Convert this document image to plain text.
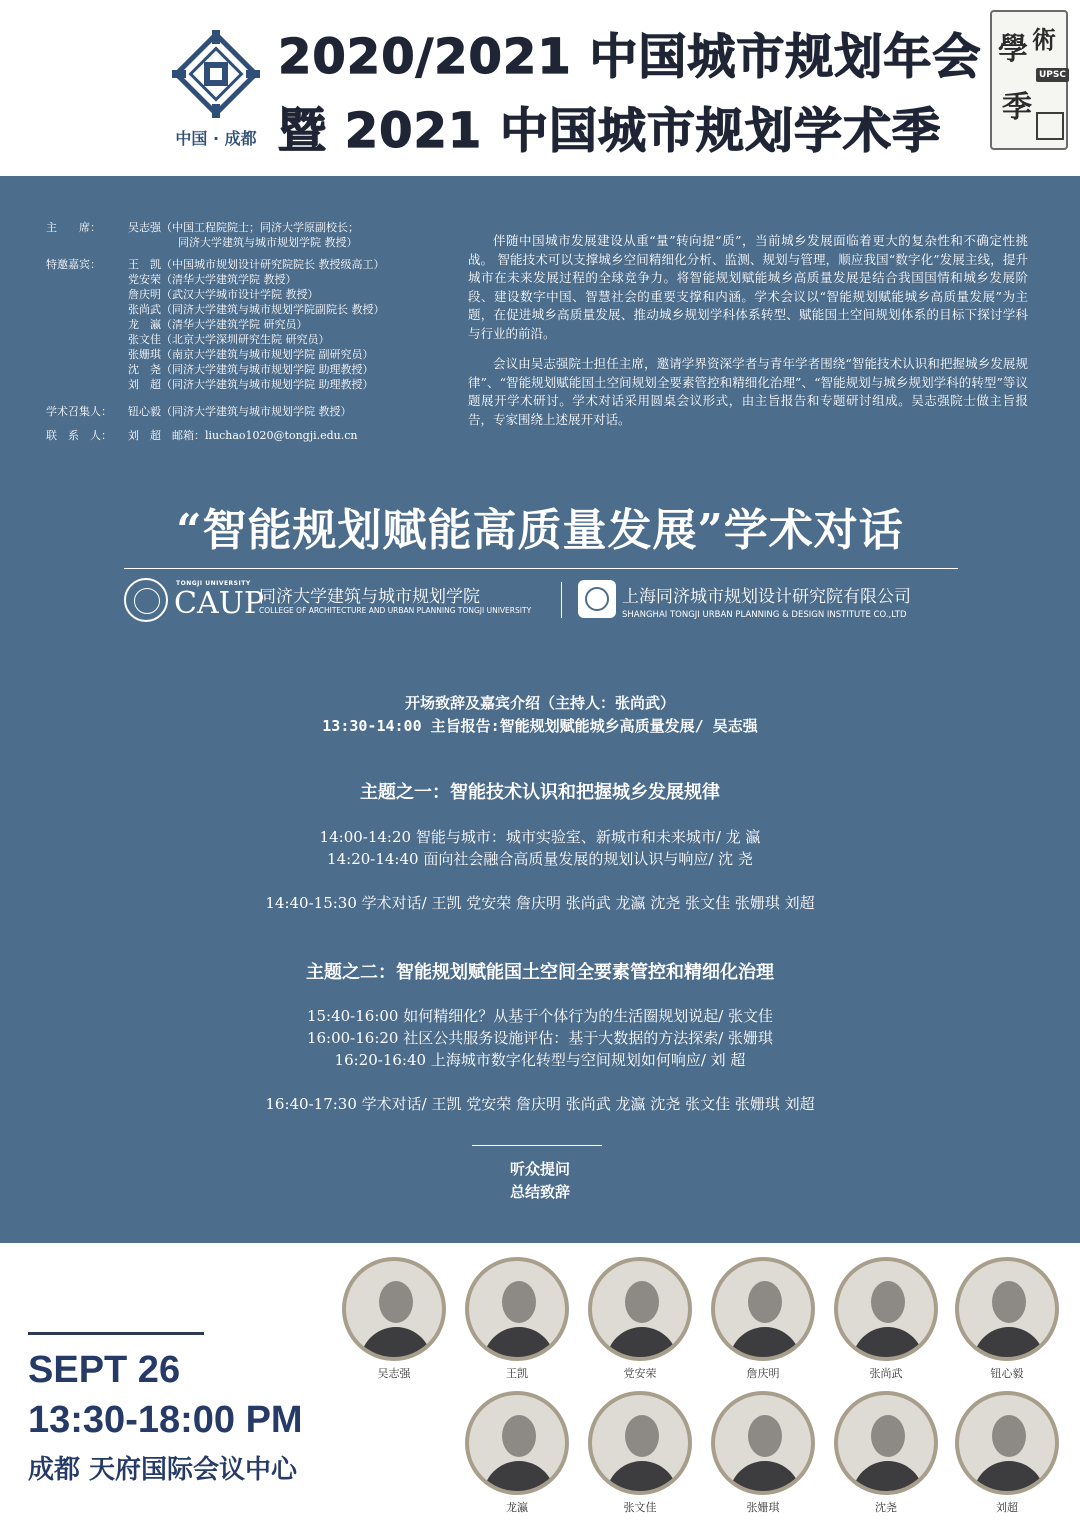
中国 · 成都
2020/2021 中国城市规划年会
暨 2021 中国城市规划学术季
學 術
季
UPSC
主　　席： 吴志强（中国工程院院士；同济大学原副校长；
同济大学建筑与城市规划学院 教授）
特邀嘉宾： 王　凯（中国城市规划设计研究院院长 教授级高工）
党安荣（清华大学建筑学院 教授）
詹庆明（武汉大学城市设计学院 教授）
张尚武（同济大学建筑与城市规划学院副院长 教授）
龙　瀛（清华大学建筑学院 研究员）
张文佳（北京大学深圳研究生院 研究员）
张姗琪（南京大学建筑与城市规划学院 副研究员）
沈　尧（同济大学建筑与城市规划学院 助理教授）
刘　超（同济大学建筑与城市规划学院 助理教授）
学术召集人： 钮心毅（同济大学建筑与城市规划学院 教授）
联　系　人： 刘　超　邮箱：liuchao1020@tongji.edu.cn

伴随中国城市发展建设从重“量”转向提“质”，当前城乡发展面临着更大的复杂性和不确定性挑战。 智能技术可以支撑城乡空间精细化分析、监测、规划与管理，顺应我国“数字化”发展主线，提升城市在未来发展过程的全球竞争力。将智能规划赋能城乡高质量发展是结合我国国情和城乡发展阶段、建设数字中国、智慧社会的重要支撑和内涵。学术会议以“智能规划赋能城乡高质量发展”为主题，在促进城乡高质量发展、推动城乡规划学科体系转型、赋能国土空间规划体系的目标下探讨学科与行业的前沿。

会议由吴志强院士担任主席，邀请学界资深学者与青年学者围绕“智能技术认识和把握城乡发展规律”、“智能规划赋能国土空间规划全要素管控和精细化治理”、“智能规划与城乡规划学科的转型”等议题展开学术研讨。学术对话采用圆桌会议形式，由主旨报告和专题研讨组成。吴志强院士做主旨报告，专家围绕上述展开对话。

“智能规划赋能高质量发展”学术对话
TONGJI UNIVERSITY
CAUP
同济大学建筑与城市规划学院
COLLEGE OF ARCHITECTURE AND URBAN PLANNING TONGJI UNIVERSITY
上海同济城市规划设计研究院有限公司
SHANGHAI TONGJI URBAN PLANNING & DESIGN INSTITUTE CO.,LTD
开场致辞及嘉宾介绍（主持人：张尚武）
13:30-14:00 主旨报告:智能规划赋能城乡高质量发展/ 吴志强
主题之一：智能技术认识和把握城乡发展规律
14:00-14:20 智能与城市：城市实验室、新城市和未来城市/ 龙 瀛
14:20-14:40 面向社会融合高质量发展的规划认识与响应/ 沈 尧
14:40-15:30 学术对话/ 王凯 党安荣 詹庆明 张尚武 龙瀛 沈尧 张文佳 张姗琪 刘超
主题之二：智能规划赋能国土空间全要素管控和精细化治理
15:40-16:00 如何精细化？从基于个体行为的生活圈规划说起/ 张文佳
16:00-16:20 社区公共服务设施评估：基于大数据的方法探索/ 张姗琪
16:20-16:40 上海城市数字化转型与空间规划如何响应/ 刘 超
16:40-17:30 学术对话/ 王凯 党安荣 詹庆明 张尚武 龙瀛 沈尧 张文佳 张姗琪 刘超
听众提问
总结致辞
SEPT 26
13:30-18:00 PM
成都 天府国际会议中心
吴志强	王凯	党安荣	詹庆明	张尚武	钮心毅
龙瀛	张文佳	张姗琪	沈尧	刘超
